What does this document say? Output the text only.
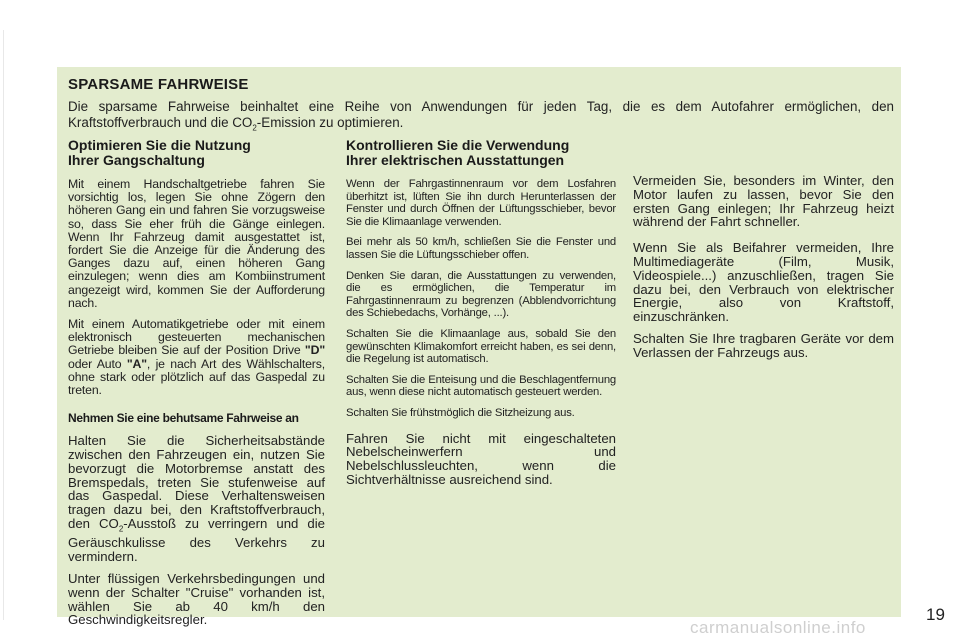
SPARSAME FAHRWEISE

Die sparsame Fahrweise beinhaltet eine Reihe von Anwendungen für jeden Tag, die es dem Autofahrer ermöglichen, den Kraftstoffverbrauch und die $CO_2$-Emission zu optimieren.

Optimieren Sie die Nutzung
Ihrer Gangschaltung

Mit einem Handschaltgetriebe fahren Sie vorsichtig los, legen Sie ohne Zögern den höheren Gang ein und fahren Sie vorzugsweise so, dass Sie eher früh die Gänge einlegen. Wenn Ihr Fahrzeug damit ausgestattet ist, fordert Sie die Anzeige für die Änderung des Ganges dazu auf, einen höheren Gang einzulegen; wenn dies am Kombiinstrument angezeigt wird, kommen Sie der Aufforderung nach.

Mit einem Automatikgetriebe oder mit einem elektronisch gesteuerten mechanischen Getriebe bleiben Sie auf der Position Drive "D" oder Auto "A", je nach Art des Wählschalters, ohne stark oder plötzlich auf das Gaspedal zu treten.

Nehmen Sie eine behutsame Fahrweise an

Halten Sie die Sicherheitsabstände zwischen den Fahrzeugen ein, nutzen Sie bevorzugt die Motorbremse anstatt des Bremspedals, treten Sie stufenweise auf das Gaspedal. Diese Verhaltensweisen tragen dazu bei, den Kraftstoffverbrauch, den $CO_2$-Ausstoß zu verringern und die Geräuschkulisse des Verkehrs zu vermindern.

Unter flüssigen Verkehrsbedingungen und wenn der Schalter "Cruise" vorhanden ist, wählen Sie ab 40 km/h den Geschwindigkeitsregler.

Kontrollieren Sie die Verwendung
Ihrer elektrischen Ausstattungen

Wenn der Fahrgastinnenraum vor dem Losfahren überhitzt ist, lüften Sie ihn durch Herunterlassen der Fenster und durch Öffnen der Lüftungsschieber, bevor Sie die Klimaanlage verwenden.

Bei mehr als 50 km/h, schließen Sie die Fenster und lassen Sie die Lüftungsschieber offen.

Denken Sie daran, die Ausstattungen zu verwenden, die es ermöglichen, die Temperatur im Fahrgastinnenraum zu begrenzen (Abblendvorrichtung des Schiebedachs, Vorhänge, ...).

Schalten Sie die Klimaanlage aus, sobald Sie den gewünschten Klimakomfort erreicht haben, es sei denn, die Regelung ist automatisch.

Schalten Sie die Enteisung und die Beschlagentfernung aus, wenn diese nicht automatisch gesteuert werden.

Schalten Sie frühstmöglich die Sitzheizung aus.

Fahren Sie nicht mit eingeschalteten Nebelscheinwerfern und Nebelschlussleuchten, wenn die Sichtverhältnisse ausreichend sind.

Vermeiden Sie, besonders im Winter, den Motor laufen zu lassen, bevor Sie den ersten Gang einlegen; Ihr Fahrzeug heizt während der Fahrt schneller.

Wenn Sie als Beifahrer vermeiden, Ihre Multimediageräte (Film, Musik, Videospiele...) anzuschließen, tragen Sie dazu bei, den Verbrauch von elektrischer Energie, also von Kraftstoff, einzuschränken.

Schalten Sie Ihre tragbaren Geräte vor dem Verlassen der Fahrzeugs aus.

19
carmanualsonline.info
